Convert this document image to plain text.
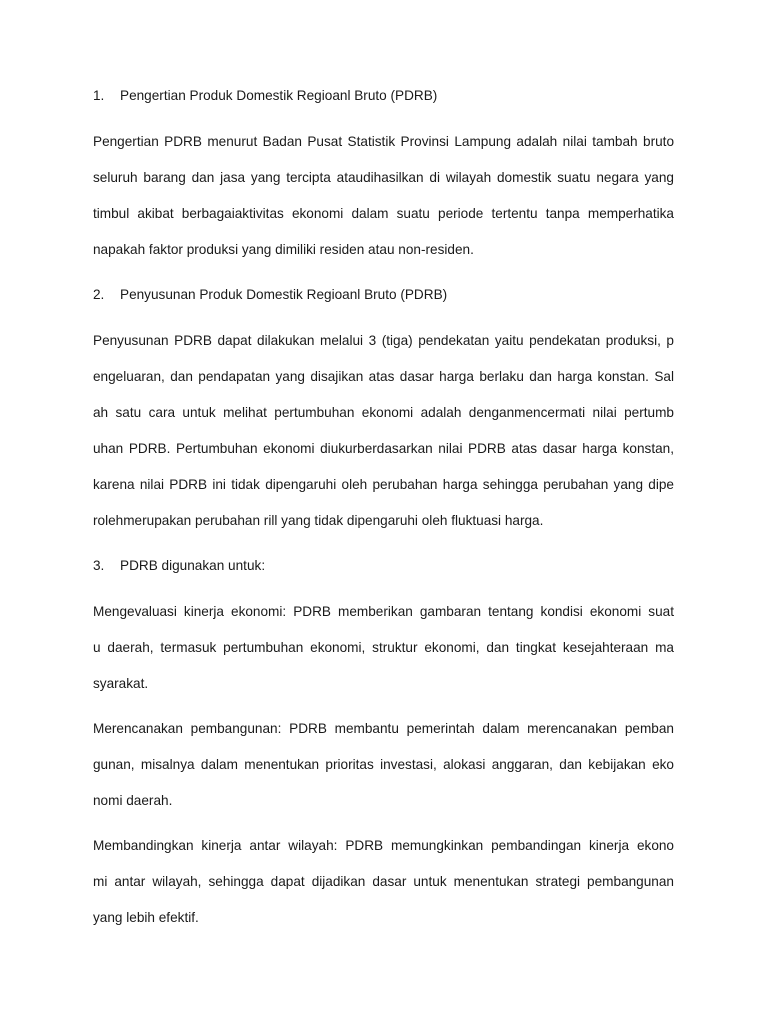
1.	Pengertian Produk Domestik Regioanl Bruto (PDRB)
Pengertian PDRB menurut Badan Pusat Statistik Provinsi Lampung adalah nilai tambah bruto
seluruh barang dan jasa yang tercipta ataudihasilkan di wilayah domestik suatu negara yang
timbul akibat berbagaiaktivitas ekonomi dalam suatu periode tertentu tanpa memperhatika
napakah faktor produksi yang dimiliki residen atau non-residen.
2.	Penyusunan Produk Domestik Regioanl Bruto (PDRB)
Penyusunan PDRB dapat dilakukan melalui 3 (tiga) pendekatan yaitu pendekatan produksi, p
engeluaran, dan pendapatan yang disajikan atas dasar harga berlaku dan harga konstan. Sal
ah satu cara untuk melihat pertumbuhan ekonomi adalah denganmencermati nilai pertumb
uhan PDRB. Pertumbuhan ekonomi diukurberdasarkan nilai PDRB atas dasar harga konstan,
karena nilai PDRB ini tidak dipengaruhi oleh perubahan harga sehingga perubahan yang dipe
rolehmerupakan perubahan rill yang tidak dipengaruhi oleh fluktuasi harga.
3.	PDRB digunakan untuk:
Mengevaluasi kinerja ekonomi: PDRB memberikan gambaran tentang kondisi ekonomi suat
u daerah, termasuk pertumbuhan ekonomi, struktur ekonomi, dan tingkat kesejahteraan ma
syarakat.
Merencanakan pembangunan: PDRB membantu pemerintah dalam merencanakan pemban
gunan, misalnya dalam menentukan prioritas investasi, alokasi anggaran, dan kebijakan eko
nomi daerah.
Membandingkan kinerja antar wilayah: PDRB memungkinkan pembandingan kinerja ekono
mi antar wilayah, sehingga dapat dijadikan dasar untuk menentukan strategi pembangunan
yang lebih efektif.
